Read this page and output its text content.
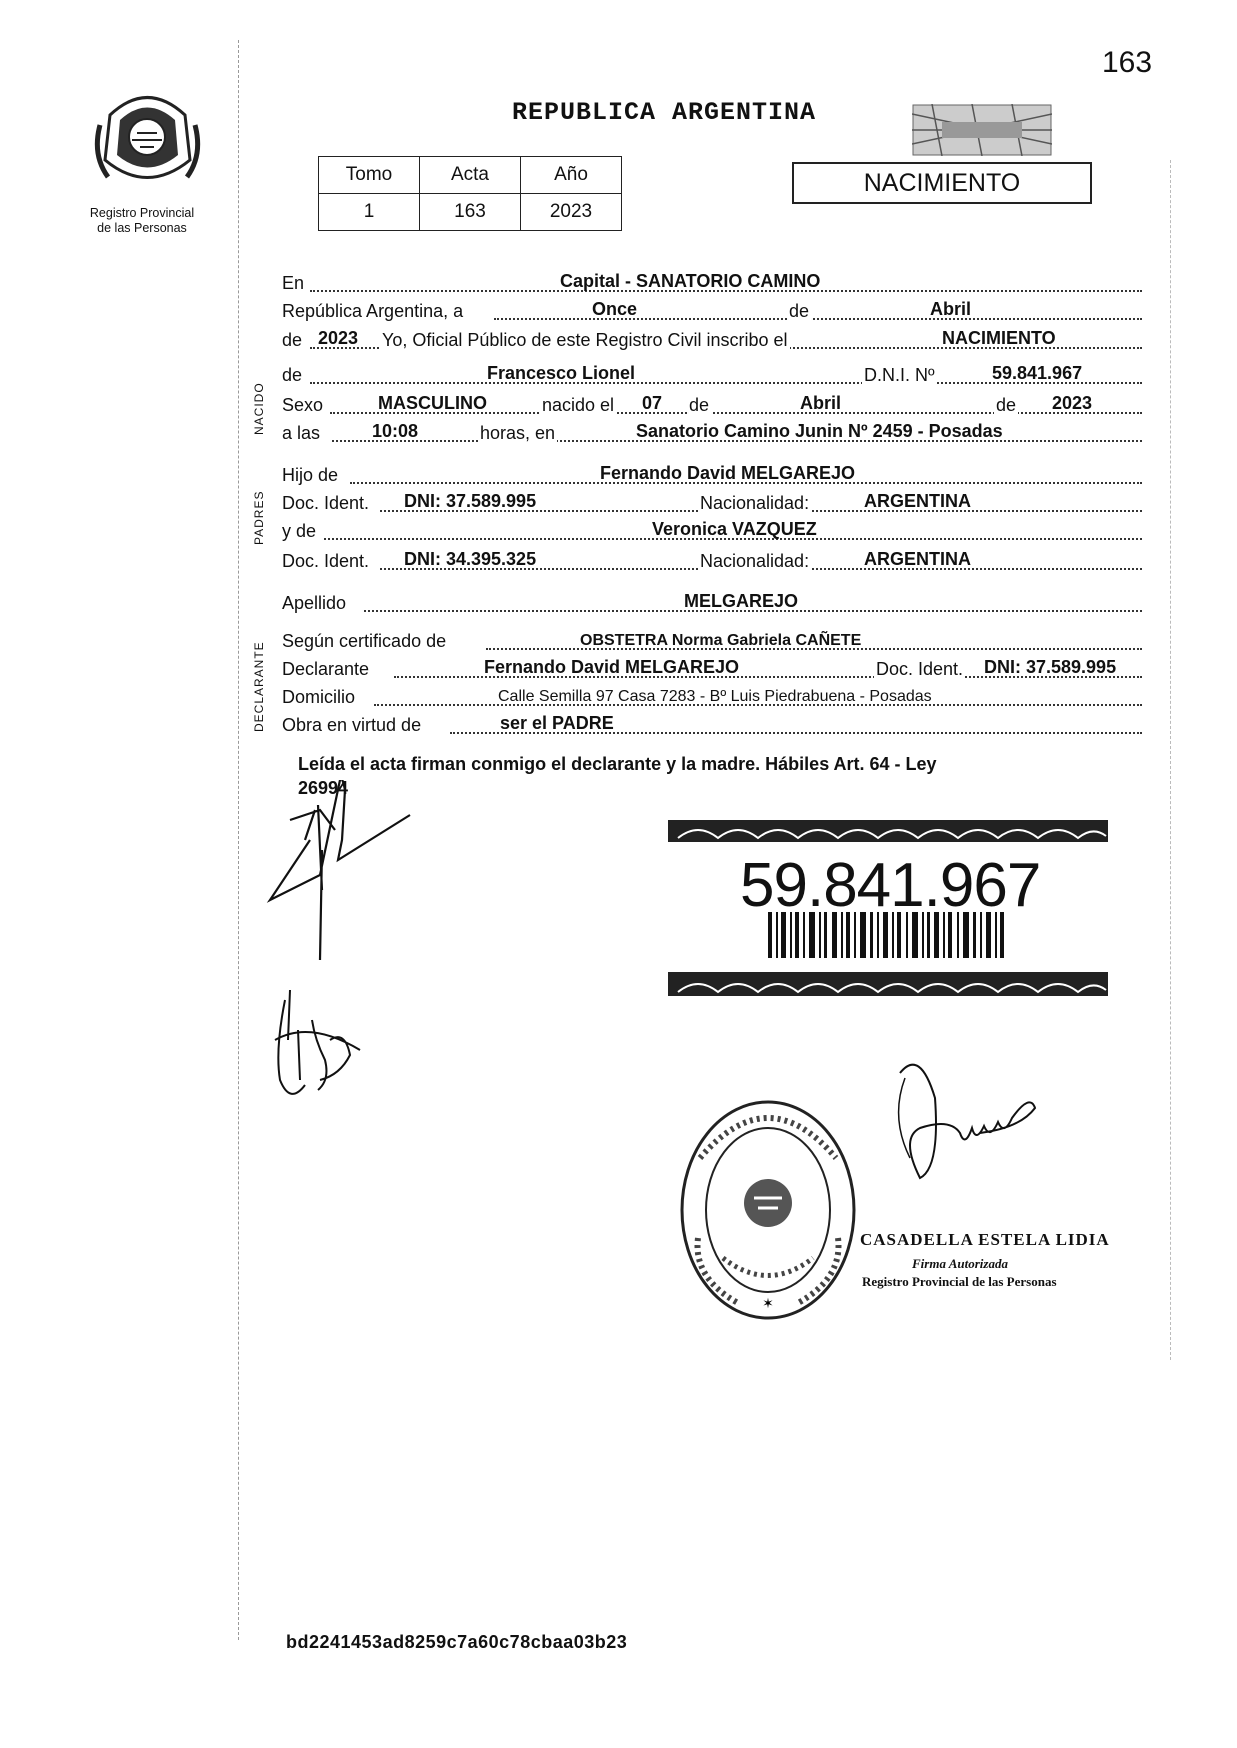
163
Registro Provincial
de las Personas
REPUBLICA ARGENTINA
Tomo	Acta	Año
1	163	2023
NACIMIENTO
NACIDO
PADRES
DECLARANTE
En	Capital - SANATORIO CAMINO
República Argentina, a	Once	de	Abril
de 2023 Yo, Oficial Público de este Registro Civil inscribo el	NACIMIENTO
de	Francesco Lionel	D.N.I. Nº	59.841.967
Sexo	MASCULINO	nacido el 07 de	Abril	de 2023
a las	10:08	horas, en	Sanatorio Camino Junin Nº 2459 - Posadas
Hijo de	Fernando David MELGAREJO
Doc. Ident. DNI: 37.589.995	Nacionalidad:	ARGENTINA
y de	Veronica VAZQUEZ
Doc. Ident. DNI: 34.395.325	Nacionalidad:	ARGENTINA
Apellido	MELGAREJO
Según certificado de	OBSTETRA Norma Gabriela CAÑETE
Declarante	Fernando David MELGAREJO	Doc. Ident. DNI: 37.589.995
Domicilio	Calle Semilla 97 Casa 7283 - Bº Luis Piedrabuena - Posadas
Obra en virtud de	ser el PADRE
Leída el acta firman conmigo el declarante y la madre. Hábiles Art. 64 - Ley
26994
59.841.967
✶
CASADELLA ESTELA LIDIA
Firma Autorizada
Registro Provincial de las Personas
bd2241453ad8259c7a60c78cbaa03b23
